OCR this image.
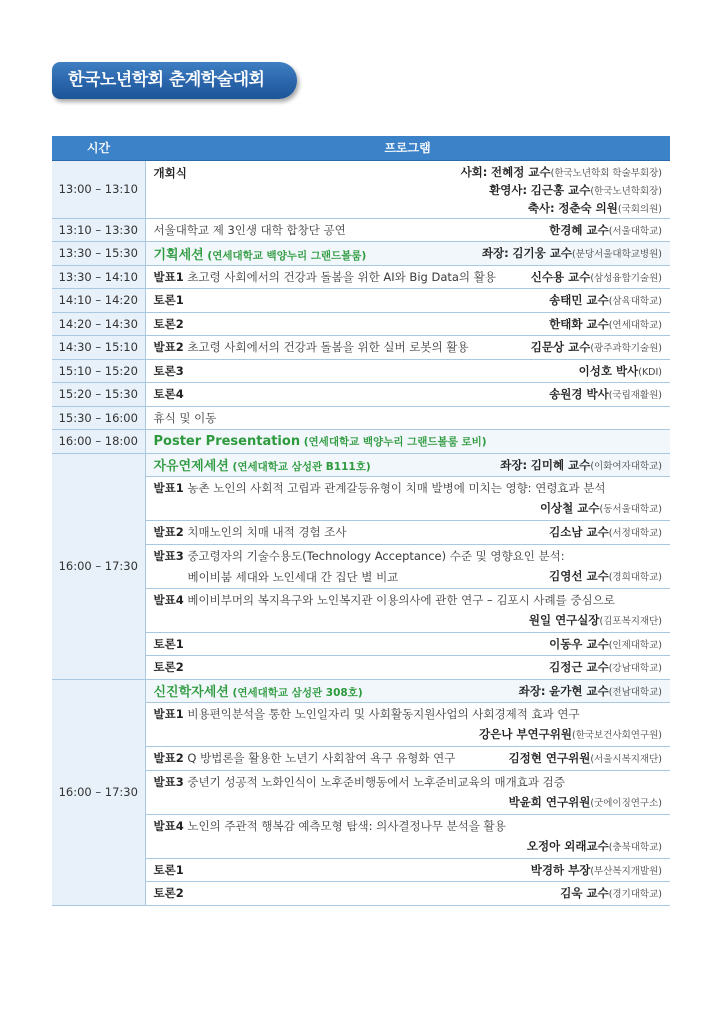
한국노년학회 춘계학술대회
시간	프로그램
13:00 – 13:10	개회식 사회: 전혜정 교수(한국노년학회 학술부회장)
환영사: 김근홍 교수(한국노년학회장)
축사: 정춘숙 의원(국회의원)

13:10 – 13:30	서울대학교 제 3인생 대학 합창단 공연 한경혜 교수(서울대학교)

13:30 – 15:30	기획세션 (연세대학교 백양누리 그랜드볼룸) 좌장: 김기웅 교수(분당서울대학교병원)

13:30 – 14:10	발표1 초고령 사회에서의 건강과 돌봄을 위한 AI와 Big Data의 활용 신수용 교수(삼성융합기술원)

14:10 – 14:20	토론1 송태민 교수(삼육대학교)

14:20 – 14:30	토론2 한태화 교수(연세대학교)

14:30 – 15:10	발표2 초고령 사회에서의 건강과 돌봄을 위한 실버 로봇의 활용 김문상 교수(광주과학기술원)

15:10 – 15:20	토론3 이성호 박사(KDI)

15:20 – 15:30	토론4 송원경 박사(국립재활원)

15:30 – 16:00	휴식 및 이동

16:00 – 18:00	Poster Presentation (연세대학교 백양누리 그랜드볼룸 로비)

16:00 – 17:30	자유연제세션 (연세대학교 삼성관 B111호) 좌장: 김미혜 교수(이화여자대학교)

	발표1 농촌 노인의 사회적 고립과 관계갈등유형이 치매 발병에 미치는 영향: 연령효과 분석
이상철 교수(동서울대학교)

	발표2 치매노인의 치매 내적 경험 조사 김소남 교수(서정대학교)

	발표3 중고령자의 기술수용도(Technology Acceptance) 수준 및 영향요인 분석:
베이비붐 세대와 노인세대 간 집단 별 비교 김영선 교수(경희대학교)

	발표4 베이비부머의 복지욕구와 노인복지관 이용의사에 관한 연구 – 김포시 사례를 중심으로
원일 연구실장(김포복지재단)

	토론1 이동우 교수(인제대학교)

	토론2 김정근 교수(강남대학교)

16:00 – 17:30	신진학자세션 (연세대학교 삼성관 308호) 좌장: 윤가현 교수(전남대학교)

	발표1 비용편익분석을 통한 노인일자리 및 사회활동지원사업의 사회경제적 효과 연구
강은나 부연구위원(한국보건사회연구원)

	발표2 Q 방법론을 활용한 노년기 사회참여 욕구 유형화 연구 김정현 연구위원(서울시복지재단)

	발표3 중년기 성공적 노화인식이 노후준비행동에서 노후준비교육의 매개효과 검증
박윤희 연구위원(굿에이징연구소)

	발표4 노인의 주관적 행복감 예측모형 탐색: 의사결정나무 분석을 활용
오정아 외래교수(충북대학교)

	토론1 박경하 부장(부산복지개발원)

	토론2 김욱 교수(경기대학교)
